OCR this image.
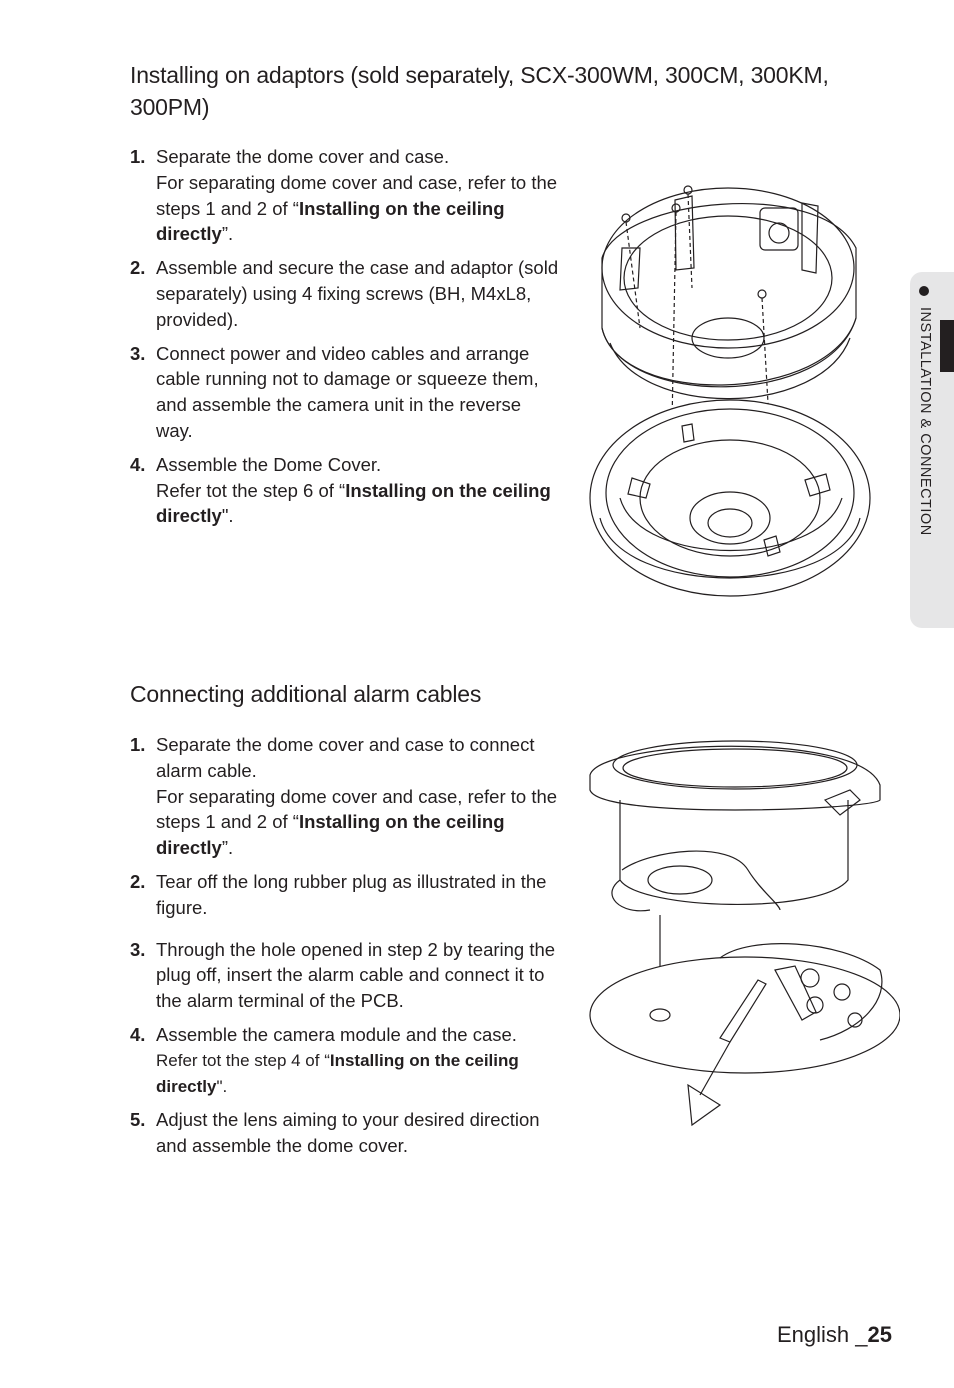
Installing on adaptors (sold separately, SCX-300WM, 300CM, 300KM, 300PM)
1. Separate the dome cover and case.
For separating dome cover and case, refer to the steps 1 and 2 of “Installing on the ceiling directly”.
2. Assemble and secure the case and adaptor (sold separately) using 4 fixing screws (BH, M4xL8, provided).
3. Connect power and video cables and arrange cable running not to damage or squeeze them, and assemble the camera unit in the reverse way.
4. Assemble the Dome Cover.
Refer tot the step 6 of “Installing on the ceiling directly".
Connecting additional alarm cables
1. Separate the dome cover and case to connect alarm cable.
For separating dome cover and case, refer to the steps 1 and 2 of “Installing on the ceiling directly”.
2. Tear off the long rubber plug as illustrated in the figure.
3. Through the hole opened in step 2 by tearing the plug off, insert the alarm cable and connect it to the alarm terminal of the PCB.
4. Assemble the camera module and the case.
Refer tot the step 4 of “Installing on the ceiling directly".
5. Adjust the lens aiming to your desired direction and assemble the dome cover.
INSTALLATION & CONNECTION
English _25
